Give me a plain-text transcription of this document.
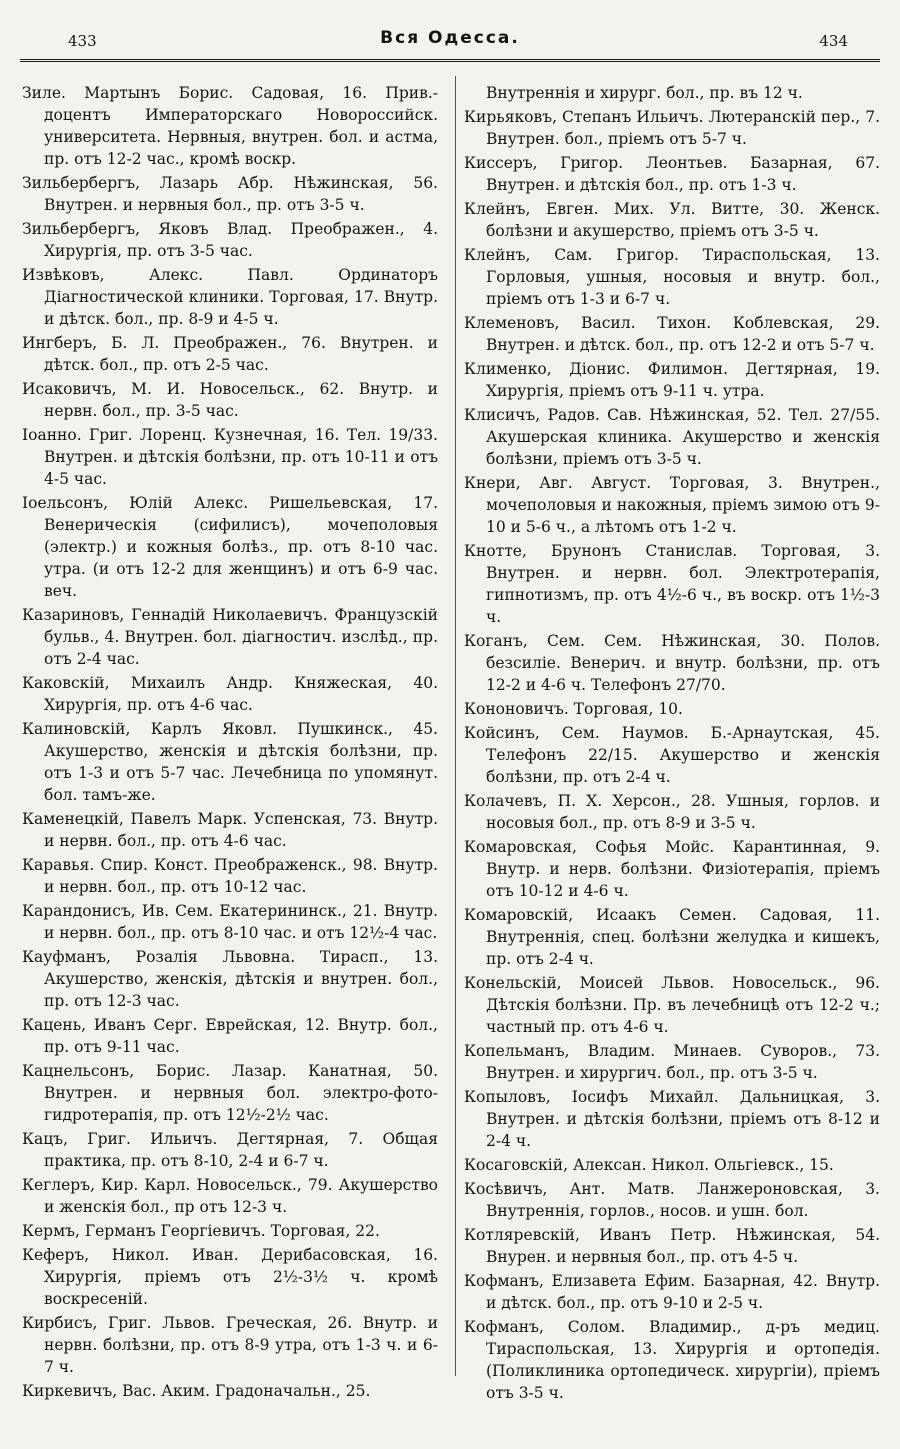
433	Вся Одесса.	434

Зиле. Мартынъ Борис. Садовая, 16. Прив.-доцентъ Императорскаго Новороссийск. университета. Нервныя, внутрен. бол. и астма, пр. отъ 12-2 час., кромѣ воскр.

Зильбербергъ, Лазарь Абр. Нѣжинская, 56. Внутрен. и нервныя бол., пр. отъ 3-5 ч.

Зильбербергъ, Яковъ Влад. Преображен., 4. Хирургія, пр. отъ 3-5 час.

Извѣковъ, Алекс. Павл. Ординаторъ Діагностической клиники. Торговая, 17. Внутр. и дѣтск. бол., пр. 8-9 и 4-5 ч.

Ингберъ, Б. Л. Преображен., 76. Внутрен. и дѣтск. бол., пр. отъ 2-5 час.

Исаковичъ, М. И. Новосельск., 62. Внутр. и нервн. бол., пр. 3-5 час.

Іоанно. Григ. Лоренц. Кузнечная, 16. Тел. 19/33. Внутрен. и дѣтскія болѣзни, пр. отъ 10-11 и отъ 4-5 час.

Іоельсонъ, Юлій Алекс. Ришельевская, 17. Венерическія (сифилисъ), мочеполовыя (электр.) и кожныя болѣз., пр. отъ 8-10 час. утра. (и отъ 12-2 для женщинъ) и отъ 6-9 час. веч.

Казариновъ, Геннадій Николаевичъ. Французскій бульв., 4. Внутрен. бол. діагностич. изслѣд., пр. отъ 2-4 час.

Каковскій, Михаилъ Андр. Княжеская, 40. Хирургія, пр. отъ 4-6 час.

Калиновскій, Карлъ Яковл. Пушкинск., 45. Акушерство, женскія и дѣтскія болѣзни, пр. отъ 1-3 и отъ 5-7 час. Лечебница по упомянут. бол. тамъ-же.

Каменецкій, Павелъ Марк. Успенская, 73. Внутр. и нервн. бол., пр. отъ 4-6 час.

Каравья. Спир. Конст. Преображенск., 98. Внутр. и нервн. бол., пр. отъ 10-12 час.

Карандонисъ, Ив. Сем. Екатерининск., 21. Внутр. и нервн. бол., пр. отъ 8-10 час. и отъ 12½-4 час.

Кауфманъ, Розалія Львовна. Тирасп., 13. Акушерство, женскія, дѣтскія и внутрен. бол., пр. отъ 12-3 час.

Кацень, Иванъ Серг. Еврейская, 12. Внутр. бол., пр. отъ 9-11 час.

Кацнельсонъ, Борис. Лазар. Канатная, 50. Внутрен. и нервныя бол. электро-фото-гидротерапія, пр. отъ 12½-2½ час.

Кацъ, Григ. Ильичъ. Дегтярная, 7. Общая практика, пр. отъ 8-10, 2-4 и 6-7 ч.

Кеглеръ, Кир. Карл. Новосельск., 79. Акушерство и женскія бол., пр отъ 12-3 ч.

Кермъ, Германъ Георгіевичъ. Торговая, 22.

Кеферъ, Никол. Иван. Дерибасовская, 16. Хирургія, пріемъ отъ 2½-3½ ч. кромѣ воскресеній.

Кирбисъ, Григ. Львов. Греческая, 26. Внутр. и нервн. болѣзни, пр. отъ 8-9 утра, отъ 1-3 ч. и 6-7 ч.

Киркевичъ, Вас. Аким. Градоначальн., 25.

Внутреннія и хирург. бол., пр. въ 12 ч.

Кирьяковъ, Степанъ Ильичъ. Лютеранскій пер., 7. Внутрен. бол., пріемъ отъ 5-7 ч.

Киссеръ, Григор. Леонтьев. Базарная, 67. Внутрен. и дѣтскія бол., пр. отъ 1-3 ч.

Клейнъ, Евген. Мих. Ул. Витте, 30. Женск. болѣзни и акушерство, пріемъ отъ 3-5 ч.

Клейнъ, Сам. Григор. Тираспольская, 13. Горловыя, ушныя, носовыя и внутр. бол., пріемъ отъ 1-3 и 6-7 ч.

Клеменовъ, Васил. Тихон. Коблевская, 29. Внутрен. и дѣтск. бол., пр. отъ 12-2 и отъ 5-7 ч.

Клименко, Діонис. Филимон. Дегтярная, 19. Хирургія, пріемъ отъ 9-11 ч. утра.

Клисичъ, Радов. Сав. Нѣжинская, 52. Тел. 27/55. Акушерская клиника. Акушерство и женскія болѣзни, пріемъ отъ 3-5 ч.

Кнери, Авг. Август. Торговая, 3. Внутрен., мочеполовыя и накожныя, пріемъ зимою отъ 9-10 и 5-6 ч., а лѣтомъ отъ 1-2 ч.

Кнотте, Брунонъ Станислав. Торговая, 3. Внутрен. и нервн. бол. Электротерапія, гипнотизмъ, пр. отъ 4½-6 ч., въ воскр. отъ 1½-3 ч.

Коганъ, Сем. Сем. Нѣжинская, 30. Полов. безсиліе. Венерич. и внутр. болѣзни, пр. отъ 12-2 и 4-6 ч. Телефонъ 27/70.

Кононовичъ. Торговая, 10.

Койсинъ, Сем. Наумов. Б.-Арнаутская, 45. Телефонъ 22/15. Акушерство и женскія болѣзни, пр. отъ 2-4 ч.

Колачевъ, П. Х. Херсон., 28. Ушныя, горлов. и носовыя бол., пр. отъ 8-9 и 3-5 ч.

Комаровская, Софья Мойс. Карантинная, 9. Внутр. и нерв. болѣзни. Физіотерапія, пріемъ отъ 10-12 и 4-6 ч.

Комаровскій, Исаакъ Семен. Садовая, 11. Внутреннія, спец. болѣзни желудка и кишекъ, пр. отъ 2-4 ч.

Конельскій, Моисей Львов. Новосельск., 96. Дѣтскія болѣзни. Пр. въ лечебницѣ отъ 12-2 ч.; частный пр. отъ 4-6 ч.

Копельманъ, Владим. Минаев. Суворов., 73. Внутрен. и хирургич. бол., пр. отъ 3-5 ч.

Копыловъ, Іосифъ Михайл. Дальницкая, 3. Внутрен. и дѣтскія болѣзни, пріемъ отъ 8-12 и 2-4 ч.

Косаговскій, Алексан. Никол. Ольгіевск., 15.

Косѣвичъ, Ант. Матв. Ланжероновская, 3. Внутреннія, горлов., носов. и ушн. бол.

Котляревскій, Иванъ Петр. Нѣжинская, 54. Внурен. и нервныя бол., пр. отъ 4-5 ч.

Кофманъ, Елизавета Ефим. Базарная, 42. Внутр. и дѣтск. бол., пр. отъ 9-10 и 2-5 ч.

Кофманъ, Солом. Владимир., д-ръ медиц. Тираспольская, 13. Хирургія и ортопедія. (Поликлиника ортопедическ. хирургіи), пріемъ отъ 3-5 ч.
